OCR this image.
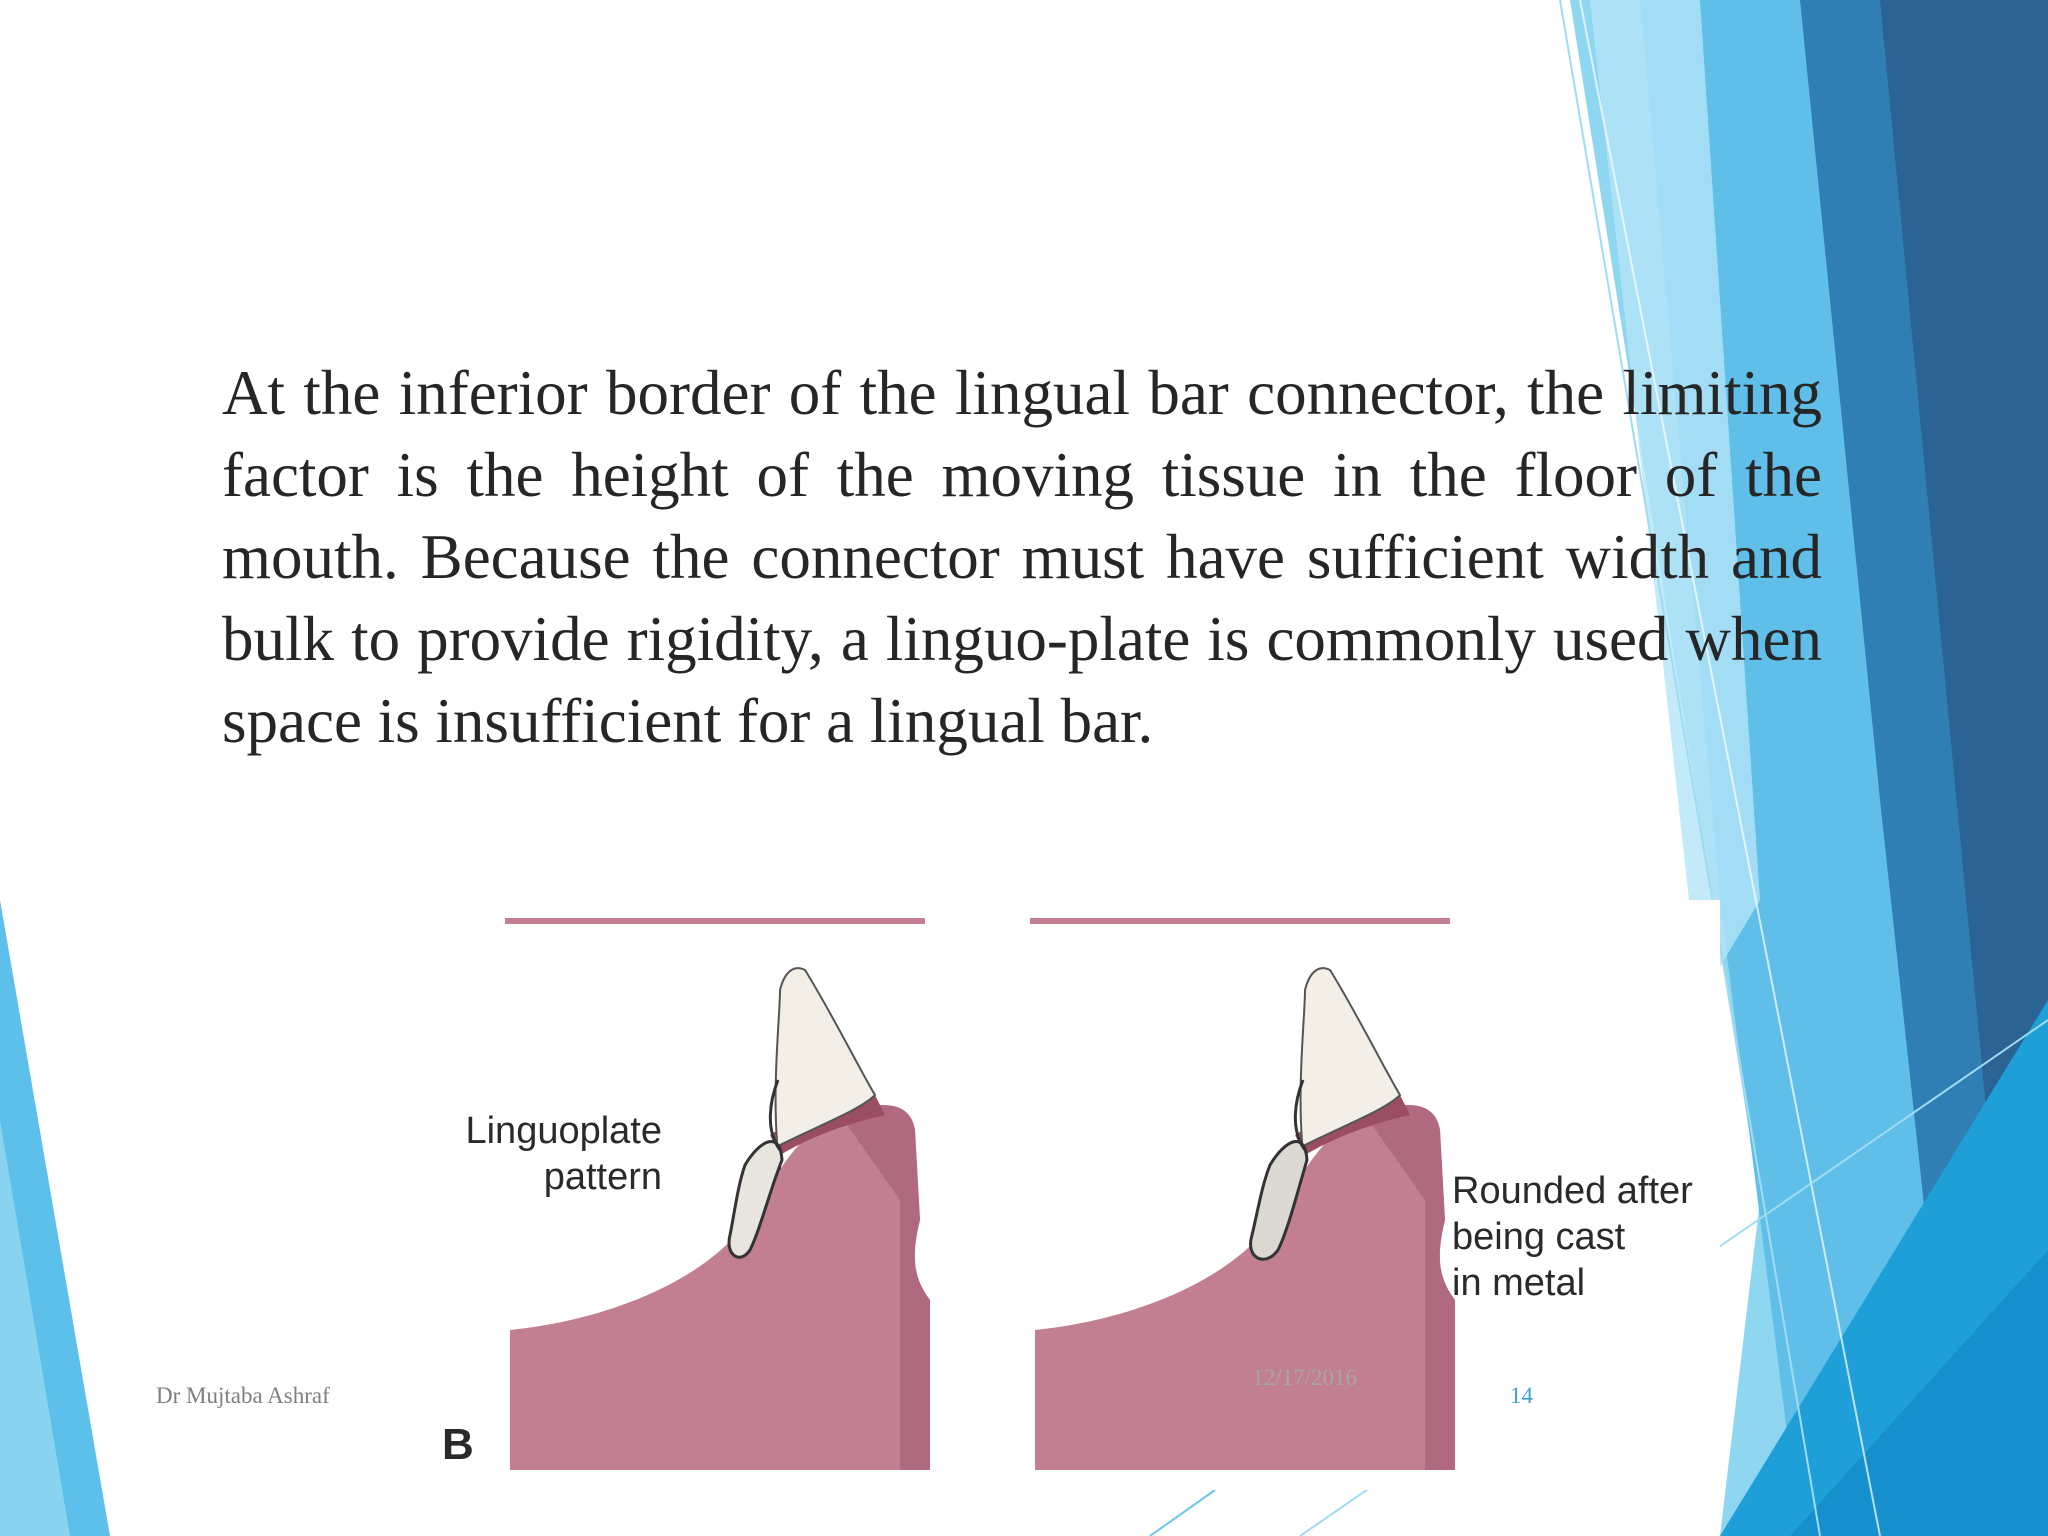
At the inferior border of the lingual bar connector, the limiting factor is the height of the moving tissue in the floor of the mouth. Because the connector must have sufficient width and bulk to provide rigidity, a linguo-plate is commonly used when space is insufficient for a lingual bar.

Linguoplate
pattern	Rounded after
being cast
in metal
B
Dr Mujtaba Ashraf
12/17/2016
14
